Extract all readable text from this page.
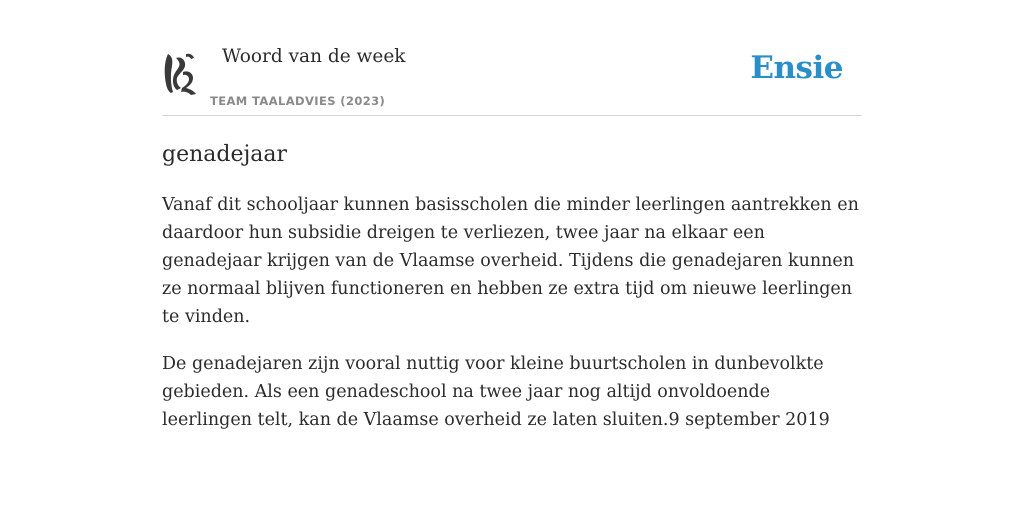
Woord van de week
TEAM TAALADVIES (2023)
Ensie
genadejaar

Vanaf dit schooljaar kunnen basisscholen die minder leerlingen aantrekken en daardoor hun subsidie dreigen te verliezen, twee jaar na elkaar een genadejaar krijgen van de Vlaamse overheid. Tijdens die genadejaren kunnen ze normaal blijven functioneren en hebben ze extra tijd om nieuwe leerlingen te vinden.

De genadejaren zijn vooral nuttig voor kleine buurtscholen in dunbevolkte gebieden. Als een genadeschool na twee jaar nog altijd onvoldoende leerlingen telt, kan de Vlaamse overheid ze laten sluiten.9 september 2019
